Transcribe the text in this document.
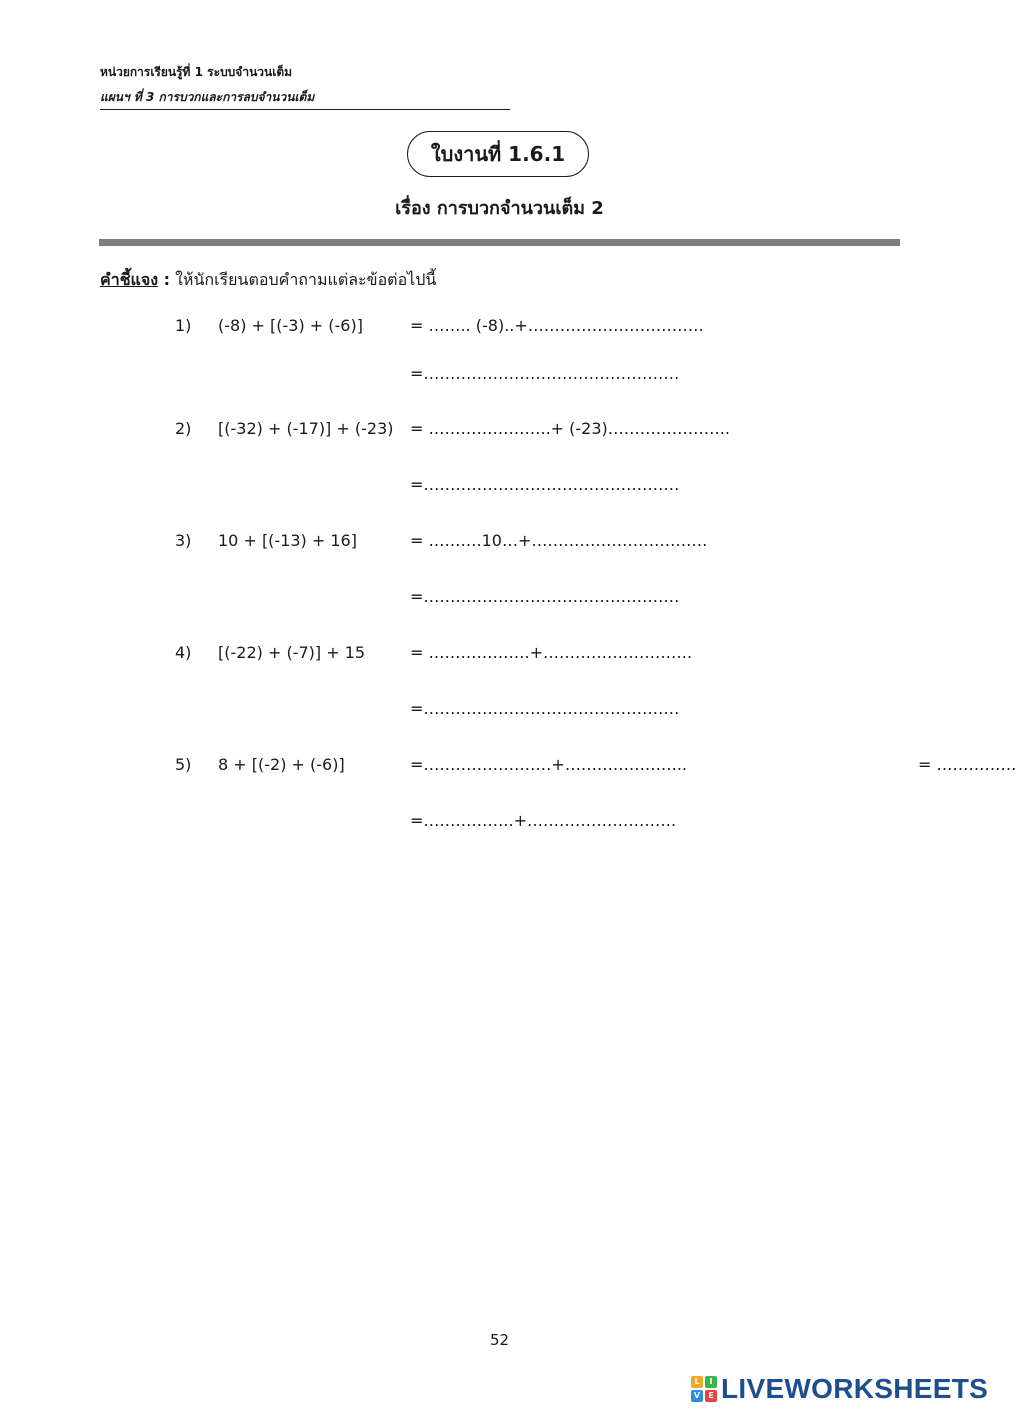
หน่วยการเรียนรู้ที่ 1 ระบบจำนวนเต็ม
แผนฯ ที่ 3 การบวกและการลบจำนวนเต็ม
ใบงานที่ 1.6.1
เรื่อง การบวกจำนวนเต็ม 2
คำชี้แจง : ให้นักเรียนตอบคำถามแต่ละข้อต่อไปนี้
1) (-8) + [(-3) + (-6)]	= …….. (-8)..+……………………………
=…………………………………………
2) [(-32) + (-17)] + (-23) = …………………..+ (-23)…………………..
=…………………………………………
3) 10 + [(-13) + 16]	= ……….10…+……………………………
=…………………………………………
4) [(-22) + (-7)] + 15	= ……………….+……………………….
=…………………………………………
5) 8 + [(-2) + (-6)]	=……………………+…………………..
=……………..+……………………….
= ……………
52
L	I
V	E LIVEWORKSHEETS
